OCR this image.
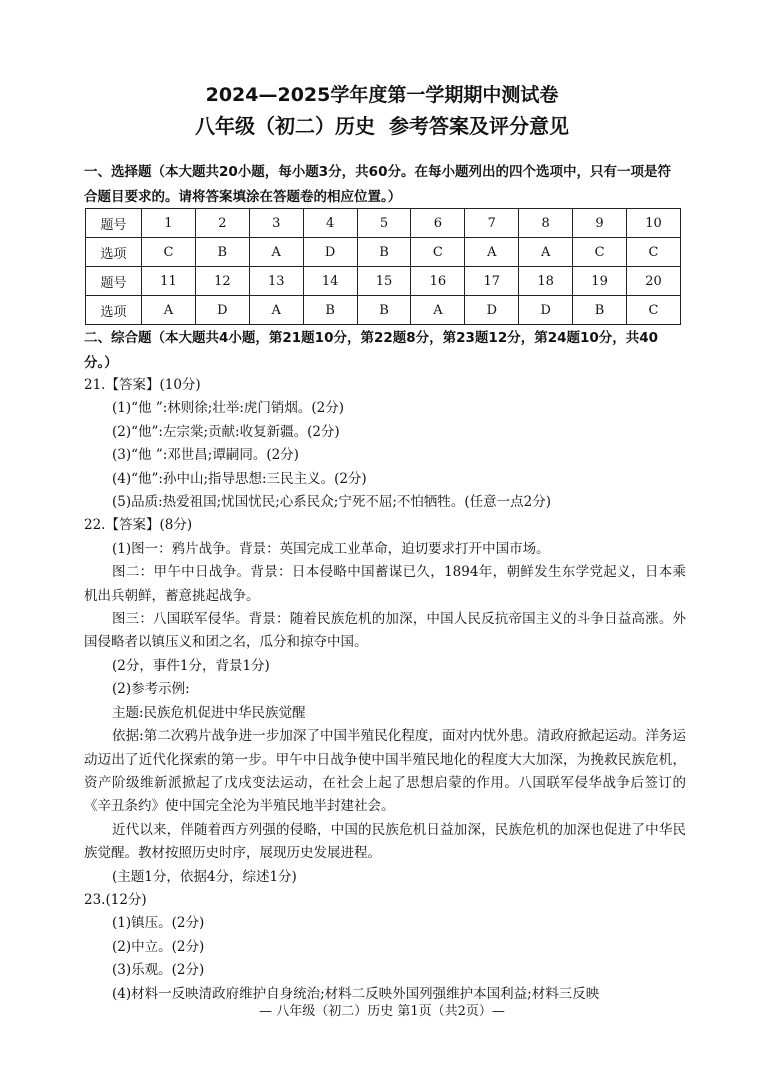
2024—2025学年度第一学期期中测试卷
八年级（初二）历史 参考答案及评分意见
一、选择题（本大题共20小题，每小题3分，共60分。在每小题列出的四个选项中，只有一项是符合题目要求的。请将答案填涂在答题卷的相应位置。）
题号	1	2	3	4	5	6	7	8	9	10
选项	C	B	A	D	B	C	A	A	C	C
题号	11	12	13	14	15	16	17	18	19	20
选项	A	D	A	B	B	A	D	D	B	C
二、综合题（本大题共4小题，第21题10分，第22题8分，第23题12分，第24题10分，共40分。）

21.【答案】(10分)

(1)“他 ”:林则徐;壮举:虎门销烟。(2分)

(2)“他”:左宗棠;贡献:收复新疆。(2分)

(3)“他 ”:邓世昌;谭嗣同。(2分)

(4)“他”:孙中山;指导思想:三民主义。(2分)

(5)品质:热爱祖国;忧国忧民;心系民众;宁死不屈;不怕牺牲。(任意一点2分)

22.【答案】(8分)

(1)图一：鸦片战争。背景：英国完成工业革命，迫切要求打开中国市场。

图二：甲午中日战争。背景：日本侵略中国蓄谋已久，1894年，朝鲜发生东学党起义，日本乘机出兵朝鲜，蓄意挑起战争。

图三：八国联军侵华。背景：随着民族危机的加深，中国人民反抗帝国主义的斗争日益高涨。外国侵略者以镇压义和团之名，瓜分和掠夺中国。

(2分，事件1分，背景1分)

(2)参考示例:

主题:民族危机促进中华民族觉醒

依据:第二次鸦片战争进一步加深了中国半殖民化程度，面对内忧外患。清政府掀起运动。洋务运动迈出了近代化探索的第一步。甲午中日战争使中国半殖民地化的程度大大加深，为挽救民族危机，资产阶级维新派掀起了戊戌变法运动，在社会上起了思想启蒙的作用。八国联军侵华战争后签订的《辛丑条约》使中国完全沦为半殖民地半封建社会。

近代以来，伴随着西方列强的侵略，中国的民族危机日益加深，民族危机的加深也促进了中华民族觉醒。教材按照历史时序，展现历史发展进程。

(主题1分，依据4分，综述1分)

23.(12分)

(1)镇压。(2分)

(2)中立。(2分)

(3)乐观。(2分)

(4)材料一反映清政府维护自身统治;材料二反映外国列强维护本国利益;材料三反映

— 八年级（初二）历史 第1页（共2页）—
